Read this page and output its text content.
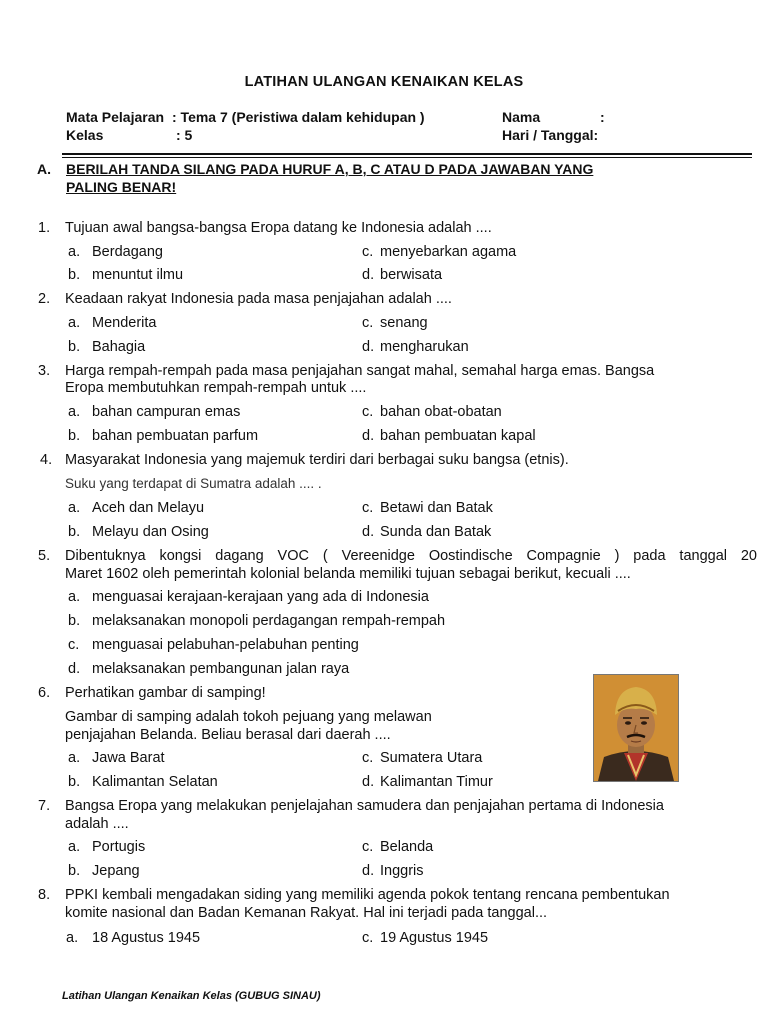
LATIHAN ULANGAN KENAIKAN KELAS
Mata Pelajaran : Tema 7 (Peristiwa dalam kehidupan )
Kelas	: 5
Nama	:
Hari / Tanggal:
A. BERILAH TANDA SILANG PADA HURUF A, B, C ATAU D PADA JAWABAN YANG
PALING BENAR!
1. Tujuan awal bangsa-bangsa Eropa datang ke Indonesia adalah ....
a. Berdagang	c. menyebarkan agama
b. menuntut ilmu	d. berwisata
2. Keadaan rakyat Indonesia pada masa penjajahan adalah ....
a. Menderita	c. senang
b. Bahagia	d. mengharukan
3. Harga rempah-rempah pada masa penjajahan sangat mahal, semahal harga emas. Bangsa
Eropa membutuhkan rempah-rempah untuk ....
a. bahan campuran emas	c. bahan obat-obatan
b. bahan pembuatan parfum	d. bahan pembuatan kapal
4. Masyarakat Indonesia yang majemuk terdiri dari berbagai suku bangsa (etnis).
Suku yang terdapat di Sumatra adalah .... .
a. Aceh dan Melayu	c. Betawi dan Batak
b. Melayu dan Osing	d. Sunda dan Batak
5. Dibentuknya kongsi dagang VOC ( Vereenidge Oostindische Compagnie ) pada tanggal 20
Maret 1602 oleh pemerintah kolonial belanda memiliki tujuan sebagai berikut, kecuali ....
a. menguasai kerajaan-kerajaan yang ada di Indonesia
b. melaksanakan monopoli perdagangan rempah-rempah
c. menguasai pelabuhan-pelabuhan penting
d. melaksanakan pembangunan jalan raya
6. Perhatikan gambar di samping!
Gambar di samping adalah tokoh pejuang yang melawan
penjajahan Belanda. Beliau berasal dari daerah ....
a. Jawa Barat	c. Sumatera Utara
b. Kalimantan Selatan	d. Kalimantan Timur
7. Bangsa Eropa yang melakukan penjelajahan samudera dan penjajahan pertama di Indonesia
adalah ....
a. Portugis	c. Belanda
b. Jepang	d. Inggris
8. PPKI kembali mengadakan siding yang memiliki agenda pokok tentang rencana pembentukan
komite nasional dan Badan Kemanan Rakyat. Hal ini terjadi pada tanggal...
a. 18 Agustus 1945	c. 19 Agustus 1945
Latihan Ulangan Kenaikan Kelas (GUBUG SINAU)
